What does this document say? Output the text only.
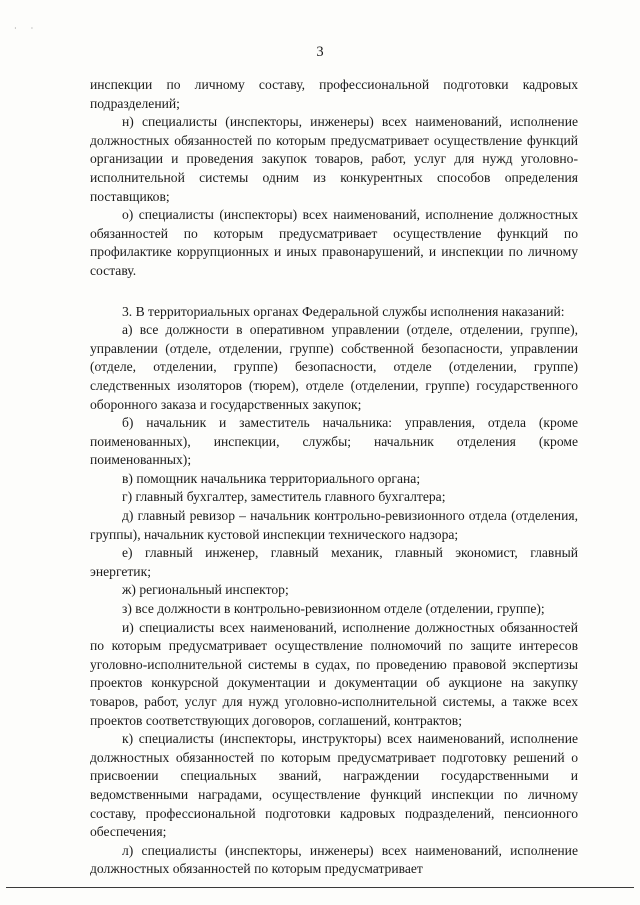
· ·
3

инспекции по личному составу, профессиональной подготовки кадровых подразделений;

н) специалисты (инспекторы, инженеры) всех наименований, исполнение должностных обязанностей по которым предусматривает осуществление функций организации и проведения закупок товаров, работ, услуг для нужд уголовно-исполнительной системы одним из конкурентных способов определения поставщиков;

о) специалисты (инспекторы) всех наименований, исполнение должностных обязанностей по которым предусматривает осуществление функций по профилактике коррупционных и иных правонарушений, и инспекции по личному составу.

3. В территориальных органах Федеральной службы исполнения наказаний:

а) все должности в оперативном управлении (отделе, отделении, группе), управлении (отделе, отделении, группе) собственной безопасности, управлении (отделе, отделении, группе) безопасности, отделе (отделении, группе) следственных изоляторов (тюрем), отделе (отделении, группе) государственного оборонного заказа и государственных закупок;

б) начальник и заместитель начальника: управления, отдела (кроме поименованных), инспекции, службы; начальник отделения (кроме поименованных);

в) помощник начальника территориального органа;

г) главный бухгалтер, заместитель главного бухгалтера;

д) главный ревизор – начальник контрольно-ревизионного отдела (отделения, группы), начальник кустовой инспекции технического надзора;

е) главный инженер, главный механик, главный экономист, главный энергетик;

ж) региональный инспектор;

з) все должности в контрольно-ревизионном отделе (отделении, группе);

и) специалисты всех наименований, исполнение должностных обязанностей по которым предусматривает осуществление полномочий по защите интересов уголовно-исполнительной системы в судах, по проведению правовой экспертизы проектов конкурсной документации и документации об аукционе на закупку товаров, работ, услуг для нужд уголовно-исполнительной системы, а также всех проектов соответствующих договоров, соглашений, контрактов;

к) специалисты (инспекторы, инструкторы) всех наименований, исполнение должностных обязанностей по которым предусматривает подготовку решений о присвоении специальных званий, награждении государственными и ведомственными наградами, осуществление функций инспекции по личному составу, профессиональной подготовки кадровых подразделений, пенсионного обеспечения;

л) специалисты (инспекторы, инженеры) всех наименований, исполнение должностных обязанностей по которым предусматривает
